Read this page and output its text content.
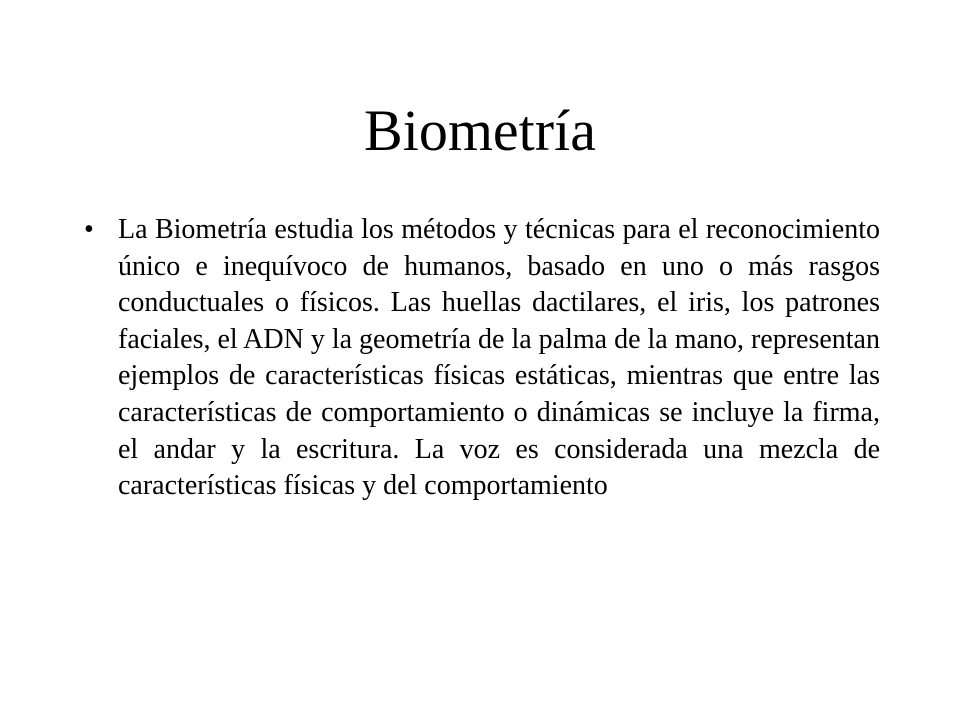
Biometría
• La Biometría estudia los métodos y técnicas para el reconocimiento único e inequívoco de humanos, basado en uno o más rasgos conductuales o físicos. Las huellas dactilares, el iris, los patrones faciales, el ADN y la geometría de la palma de la mano, representan ejemplos de características físicas estáticas, mientras que entre las características de comportamiento o dinámicas se incluye la firma, el andar y la escritura. La voz es considerada una mezcla de características físicas y del comportamiento
